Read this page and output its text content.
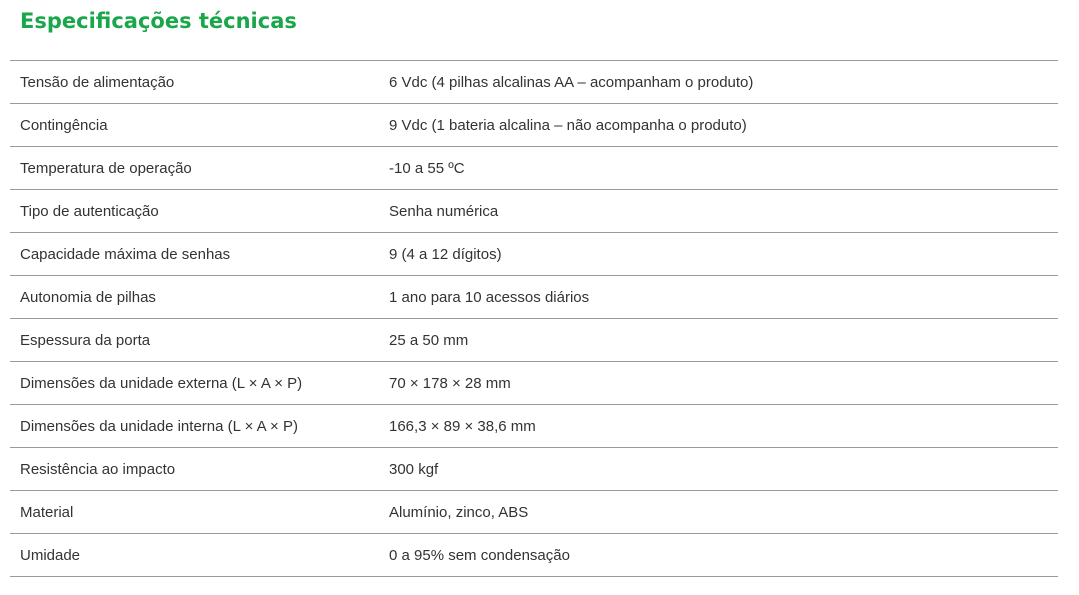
Especificações técnicas
Tensão de alimentação	6 Vdc (4 pilhas alcalinas AA – acompanham o produto)
Contingência	9 Vdc (1 bateria alcalina – não acompanha o produto)
Temperatura de operação	-10 a 55 ºC
Tipo de autenticação	Senha numérica
Capacidade máxima de senhas	9 (4 a 12 dígitos)
Autonomia de pilhas	1 ano para 10 acessos diários
Espessura da porta	25 a 50 mm
Dimensões da unidade externa (L × A × P)	70 × 178 × 28 mm
Dimensões da unidade interna (L × A × P)	166,3 × 89 × 38,6 mm
Resistência ao impacto	300 kgf
Material	Alumínio, zinco, ABS
Umidade	0 a 95% sem condensação
